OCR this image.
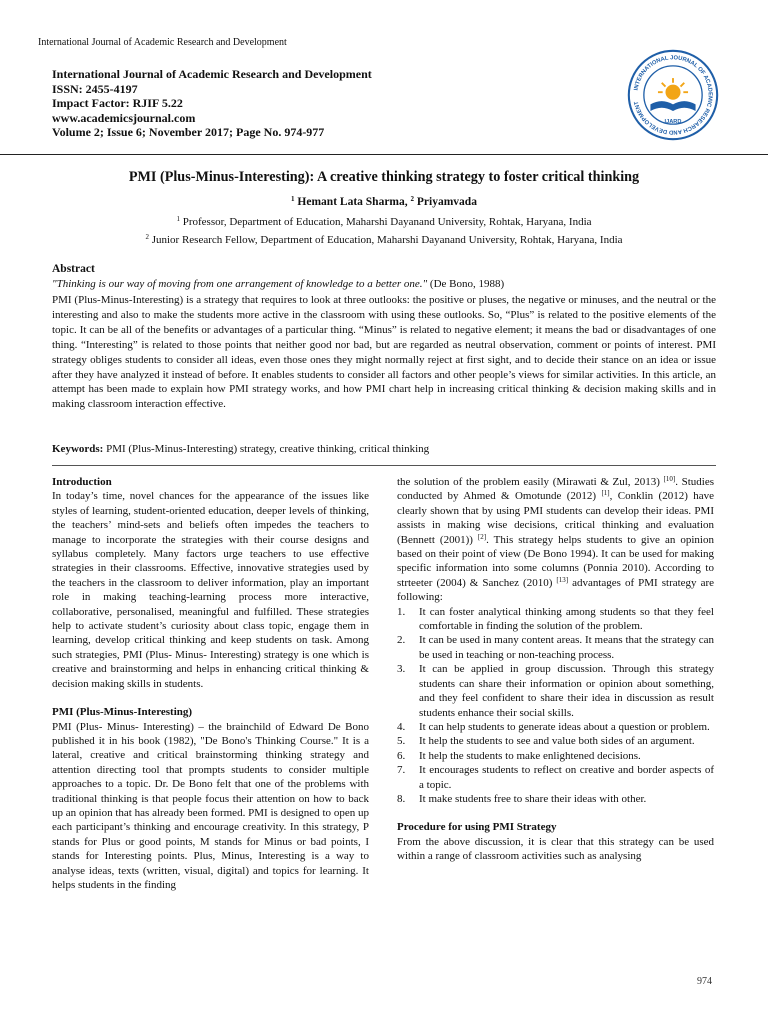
International Journal of Academic Research and Development
International Journal of Academic Research and Development
ISSN: 2455-4197
Impact Factor: RJIF 5.22
www.academicsjournal.com
Volume 2; Issue 6; November 2017; Page No. 974-977
INTERNATIONAL JOURNAL OF ACADEMIC RESEARCH AND DEVELOPMENT
IJARD
PMI (Plus-Minus-Interesting): A creative thinking strategy to foster critical thinking
$^1$ Hemant Lata Sharma, $^2$ Priyamvada
$^1$ Professor, Department of Education, Maharshi Dayanand University, Rohtak, Haryana, India
$^2$ Junior Research Fellow, Department of Education, Maharshi Dayanand University, Rohtak, Haryana, India
Abstract
"Thinking is our way of moving from one arrangement of knowledge to a better one." (De Bono, 1988)
PMI (Plus-Minus-Interesting) is a strategy that requires to look at three outlooks: the positive or pluses, the negative or minuses, and the neutral or the interesting and also to make the students more active in the classroom with using these outlooks. So, “Plus” is related to the positive elements of the topic. It can be all of the benefits or advantages of a particular thing. “Minus” is related to negative element; it means the bad or disadvantages of one thing. “Interesting” is related to those points that neither good nor bad, but are regarded as neutral observation, comment or points of interest. PMI strategy obliges students to consider all ideas, even those ones they might normally reject at first sight, and to decide their stance on an idea or issue after they have analyzed it instead of before. It enables students to consider all factors and other people’s views for similar activities. In this article, an attempt has been made to explain how PMI strategy works, and how PMI chart help in increasing critical thinking & decision making skills and in making classroom interaction effective.
Keywords: PMI (Plus-Minus-Interesting) strategy, creative thinking, critical thinking

Introduction

In today’s time, novel chances for the appearance of the issues like styles of learning, student-oriented education, deeper levels of thinking, the teachers’ mind-sets and beliefs often impedes the teachers to manage to incorporate the strategies with their course designs and syllabus completely. Many factors urge teachers to use effective strategies in their classrooms. Effective, innovative strategies used by the teachers in the classroom to deliver information, play an important role in making teaching-learning process more interactive, collaborative, personalised, meaningful and fulfilled. These strategies help to activate student’s curiosity about class topic, engage them in learning, develop critical thinking and keep students on task. Among such strategies, PMI (Plus- Minus- Interesting) strategy is one which is creative and brainstorming and helps in enhancing critical thinking & decision making skills in students.

PMI (Plus-Minus-Interesting)

PMI (Plus- Minus- Interesting) – the brainchild of Edward De Bono published it in his book (1982), "De Bono's Thinking Course." It is a lateral, creative and critical brainstorming thinking strategy and attention directing tool that prompts students to consider multiple approaches to a topic. Dr. De Bono felt that one of the problems with traditional thinking is that people focus their attention on how to back up an opinion that has already been formed. PMI is designed to open up each participant’s thinking and encourage creativity. In this strategy, P stands for Plus or good points, M stands for Minus or bad points, I stands for Interesting points. Plus, Minus, Interesting is a way to analyse ideas, texts (written, visual, digital) and topics for learning. It helps students in the finding

the solution of the problem easily (Mirawati & Zul, 2013) [10]. Studies conducted by Ahmed & Omotunde (2012) [1], Conklin (2012) have clearly shown that by using PMI students can develop their ideas. PMI assists in making wise decisions, critical thinking and evaluation (Bennett (2001)) [2]. This strategy helps students to give an opinion based on their point of view (De Bono 1994). It can be used for making specific information into some columns (Ponnia 2010). According to strteeter (2004) & Sanchez (2010) [13] advantages of PMI strategy are following:

1. It can foster analytical thinking among students so that they feel comfortable in finding the solution of the problem.
2. It can be used in many content areas. It means that the strategy can be used in teaching or non-teaching process.
3. It can be applied in group discussion. Through this strategy students can share their information or opinion about something, and they feel confident to share their idea in discussion as result students enhance their social skills.
4. It can help students to generate ideas about a question or problem.
5. It help the students to see and value both sides of an argument.
6. It help the students to make enlightened decisions.
7. It encourages students to reflect on creative and border aspects of a topic.
8. It make students free to share their ideas with other.

Procedure for using PMI Strategy

From the above discussion, it is clear that this strategy can be used within a range of classroom activities such as analysing

974
